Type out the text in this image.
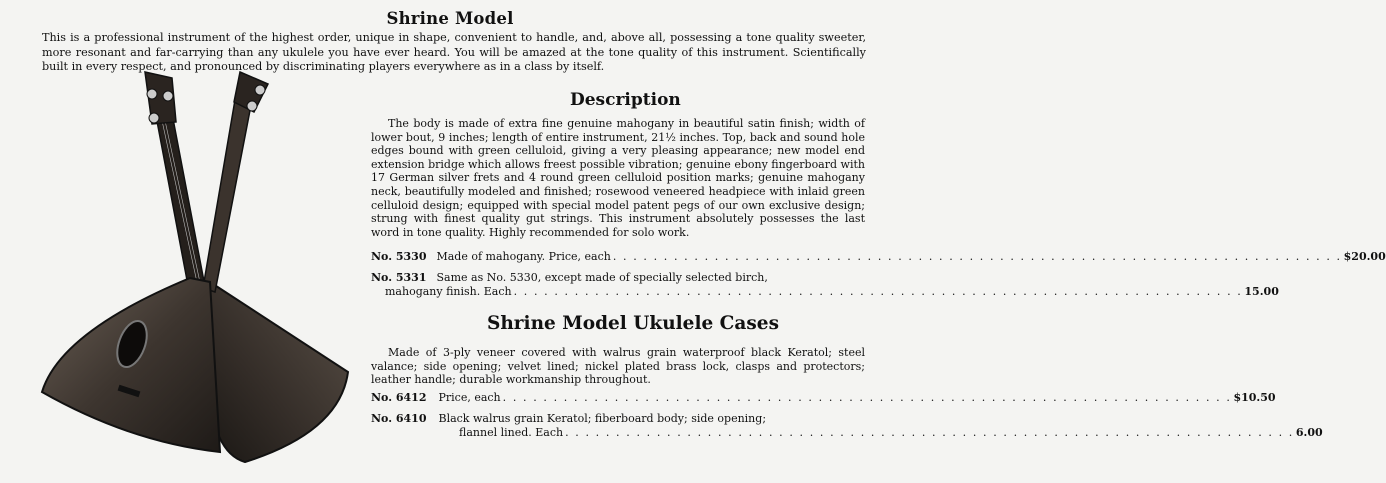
Shrine Model
This is a professional instrument of the highest order, unique in shape, convenient to handle, and, above all, possessing a tone quality sweeter, more resonant and far-carrying than any ukulele you have ever heard. You will be amazed at the tone quality of this instrument. Scientifically built in every respect, and pronounced by discriminating players everywhere as in a class by itself.
Description
The body is made of extra fine genuine mahogany in beautiful satin finish; width of lower bout, 9 inches; length of entire instrument, 21½ inches. Top, back and sound hole edges bound with green celluloid, giving a very pleasing appearance; new model end extension bridge which allows freest possible vibration; genuine ebony fingerboard with 17 German silver frets and 4 round green celluloid position marks; genuine mahogany neck, beautifully modeled and finished; rosewood veneered headpiece with inlaid green celluloid design; equipped with special model patent pegs of our own exclusive design; strung with finest quality gut strings. This instrument absolutely possesses the last word in tone quality. Highly recommended for solo work.
No. 5330 Made of mahogany. Price, each . . . . . . . . . . . . . . . . . . . . . . . . . . . . . . . . . . . . . . . . . . . . . . . . . . . . . . . . . . . . . . . . . . . . . . . . $20.00
No. 5331 Same as No. 5330, except made of specially selected birch,
mahogany finish. Each . . . . . . . . . . . . . . . . . . . . . . . . . . . . . . . . . . . . . . . . . . . . . . . . . . . . . . . . . . . . . . . . . . . . . . . . 15.00
Shrine Model Ukulele Cases
Made of 3-ply veneer covered with walrus grain waterproof black Keratol; steel valance; side opening; velvet lined; nickel plated brass lock, clasps and protectors; leather handle; durable workmanship throughout.
No. 6412 Price, each . . . . . . . . . . . . . . . . . . . . . . . . . . . . . . . . . . . . . . . . . . . . . . . . . . . . . . . . . . . . . . . . . . . . . . . . $10.50
No. 6410 Black walrus grain Keratol; fiberboard body; side opening;
flannel lined. Each . . . . . . . . . . . . . . . . . . . . . . . . . . . . . . . . . . . . . . . . . . . . . . . . . . . . . . . . . . . . . . . . . . . . . . . . 6.00
